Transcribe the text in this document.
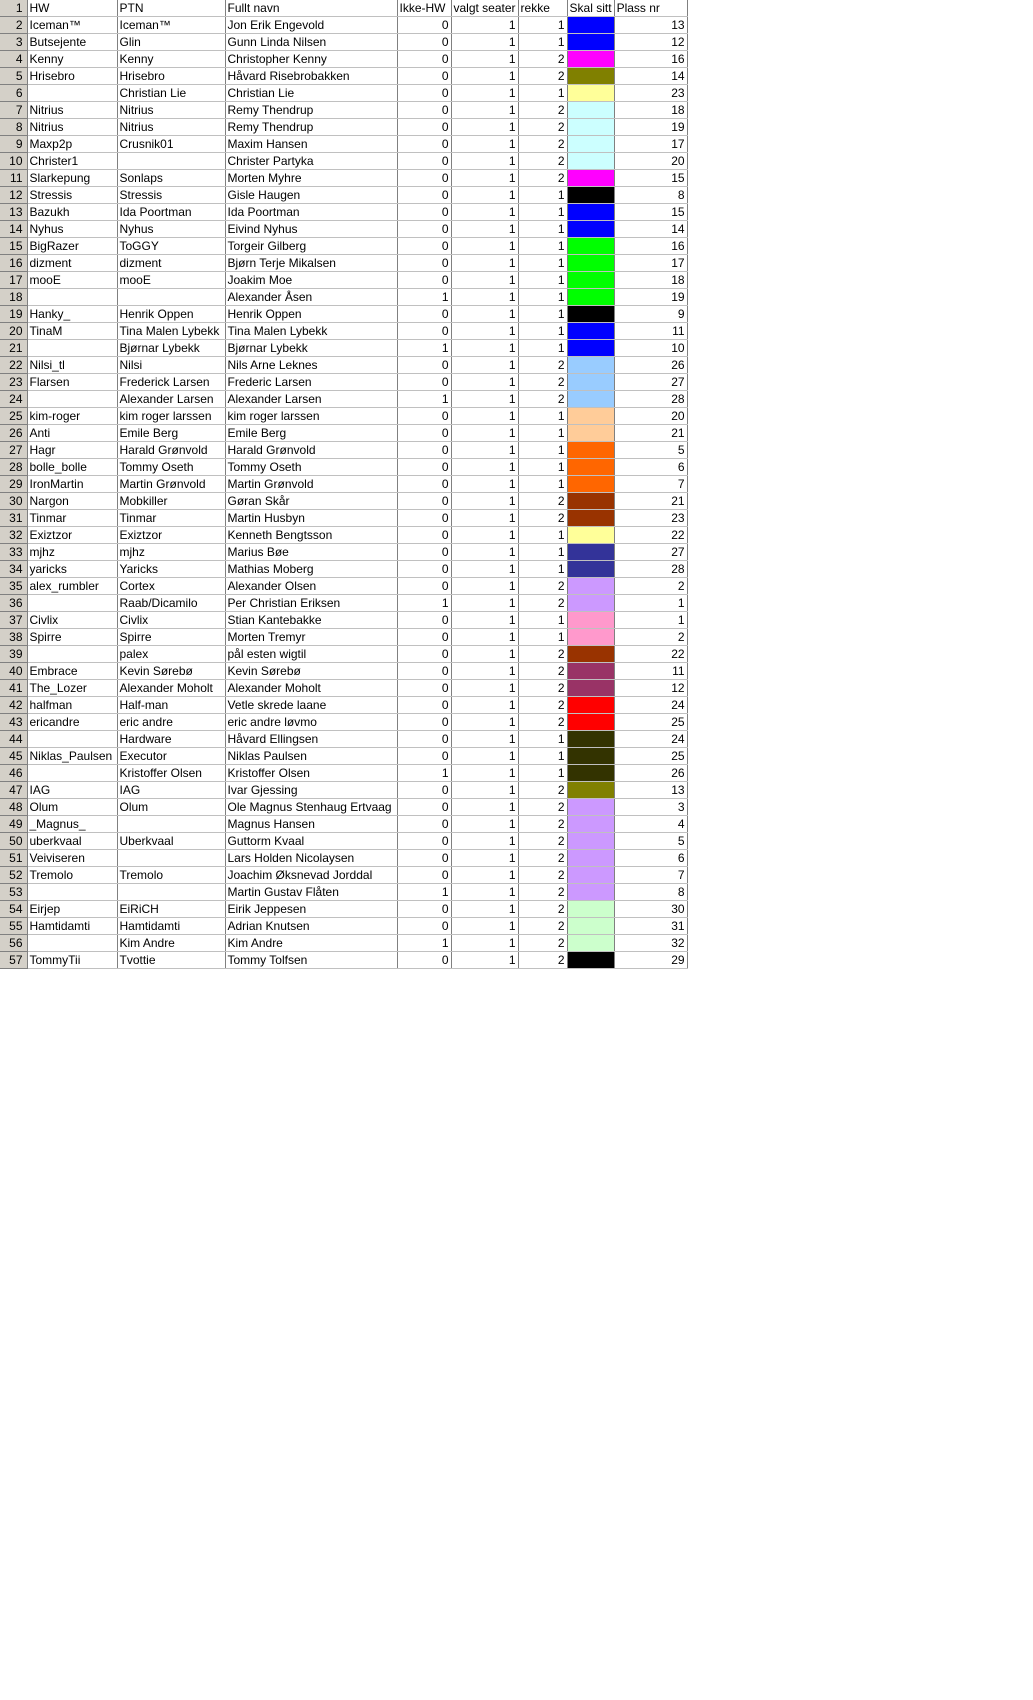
1	HW	PTN	Fullt navn	Ikke-HW	valgt seater	rekke	Skal sitt	Plass nr
2	Iceman™	Iceman™	Jon Erik Engevold	0	1	1		13
3	Butsejente	Glin	Gunn Linda Nilsen	0	1	1		12
4	Kenny	Kenny	Christopher Kenny	0	1	2		16
5	Hrisebro	Hrisebro	Håvard Risebrobakken	0	1	2		14
6		Christian Lie	Christian Lie	0	1	1		23
7	Nitrius	Nitrius	Remy Thendrup	0	1	2		18
8	Nitrius	Nitrius	Remy Thendrup	0	1	2		19
9	Maxp2p	Crusnik01	Maxim Hansen	0	1	2		17
10	Christer1		Christer Partyka	0	1	2		20
11	Slarkepung	Sonlaps	Morten Myhre	0	1	2		15
12	Stressis	Stressis	Gisle Haugen	0	1	1		8
13	Bazukh	Ida Poortman	Ida Poortman	0	1	1		15
14	Nyhus	Nyhus	Eivind Nyhus	0	1	1		14
15	BigRazer	ToGGY	Torgeir Gilberg	0	1	1		16
16	dizment	dizment	Bjørn Terje Mikalsen	0	1	1		17
17	mooE	mooE	Joakim Moe	0	1	1		18
18			Alexander Åsen	1	1	1		19
19	Hanky_	Henrik Oppen	Henrik Oppen	0	1	1		9
20	TinaM	Tina Malen Lybekk	Tina Malen Lybekk	0	1	1		11
21		Bjørnar Lybekk	Bjørnar Lybekk	1	1	1		10
22	Nilsi_tl	Nilsi	Nils Arne Leknes	0	1	2		26
23	Flarsen	Frederick Larsen	Frederic Larsen	0	1	2		27
24		Alexander Larsen	Alexander Larsen	1	1	2		28
25	kim-roger	kim roger larssen	kim roger larssen	0	1	1		20
26	Anti	Emile Berg	Emile Berg	0	1	1		21
27	Hagr	Harald Grønvold	Harald Grønvold	0	1	1		5
28	bolle_bolle	Tommy Oseth	Tommy Oseth	0	1	1		6
29	IronMartin	Martin Grønvold	Martin Grønvold	0	1	1		7
30	Nargon	Mobkiller	Gøran Skår	0	1	2		21
31	Tinmar	Tinmar	Martin Husbyn	0	1	2		23
32	Exiztzor	Exiztzor	Kenneth Bengtsson	0	1	1		22
33	mjhz	mjhz	Marius Bøe	0	1	1		27
34	yaricks	Yaricks	Mathias Moberg	0	1	1		28
35	alex_rumbler	Cortex	Alexander Olsen	0	1	2		2
36		Raab/Dicamilo	Per Christian Eriksen	1	1	2		1
37	Civlix	Civlix	Stian Kantebakke	0	1	1		1
38	Spirre	Spirre	Morten Tremyr	0	1	1		2
39		palex	pål esten wigtil	0	1	2		22
40	Embrace	Kevin Sørebø	Kevin Sørebø	0	1	2		11
41	The_Lozer	Alexander Moholt	Alexander Moholt	0	1	2		12
42	halfman	Half-man	Vetle skrede laane	0	1	2		24
43	ericandre	eric andre	eric andre løvmo	0	1	2		25
44		Hardware	Håvard Ellingsen	0	1	1		24
45	Niklas_Paulsen	Executor	Niklas Paulsen	0	1	1		25
46		Kristoffer Olsen	Kristoffer Olsen	1	1	1		26
47	IAG	IAG	Ivar Gjessing	0	1	2		13
48	Olum	Olum	Ole Magnus Stenhaug Ertvaag	0	1	2		3
49	_Magnus_		Magnus Hansen	0	1	2		4
50	uberkvaal	Uberkvaal	Guttorm Kvaal	0	1	2		5
51	Veiviseren		Lars Holden Nicolaysen	0	1	2		6
52	Tremolo	Tremolo	Joachim Øksnevad Jorddal	0	1	2		7
53			Martin Gustav Flåten	1	1	2		8
54	Eirjep	EiRiCH	Eirik Jeppesen	0	1	2		30
55	Hamtidamti	Hamtidamti	Adrian Knutsen	0	1	2		31
56		Kim Andre	Kim Andre	1	1	2		32
57	TommyTii	Tvottie	Tommy Tolfsen	0	1	2		29
